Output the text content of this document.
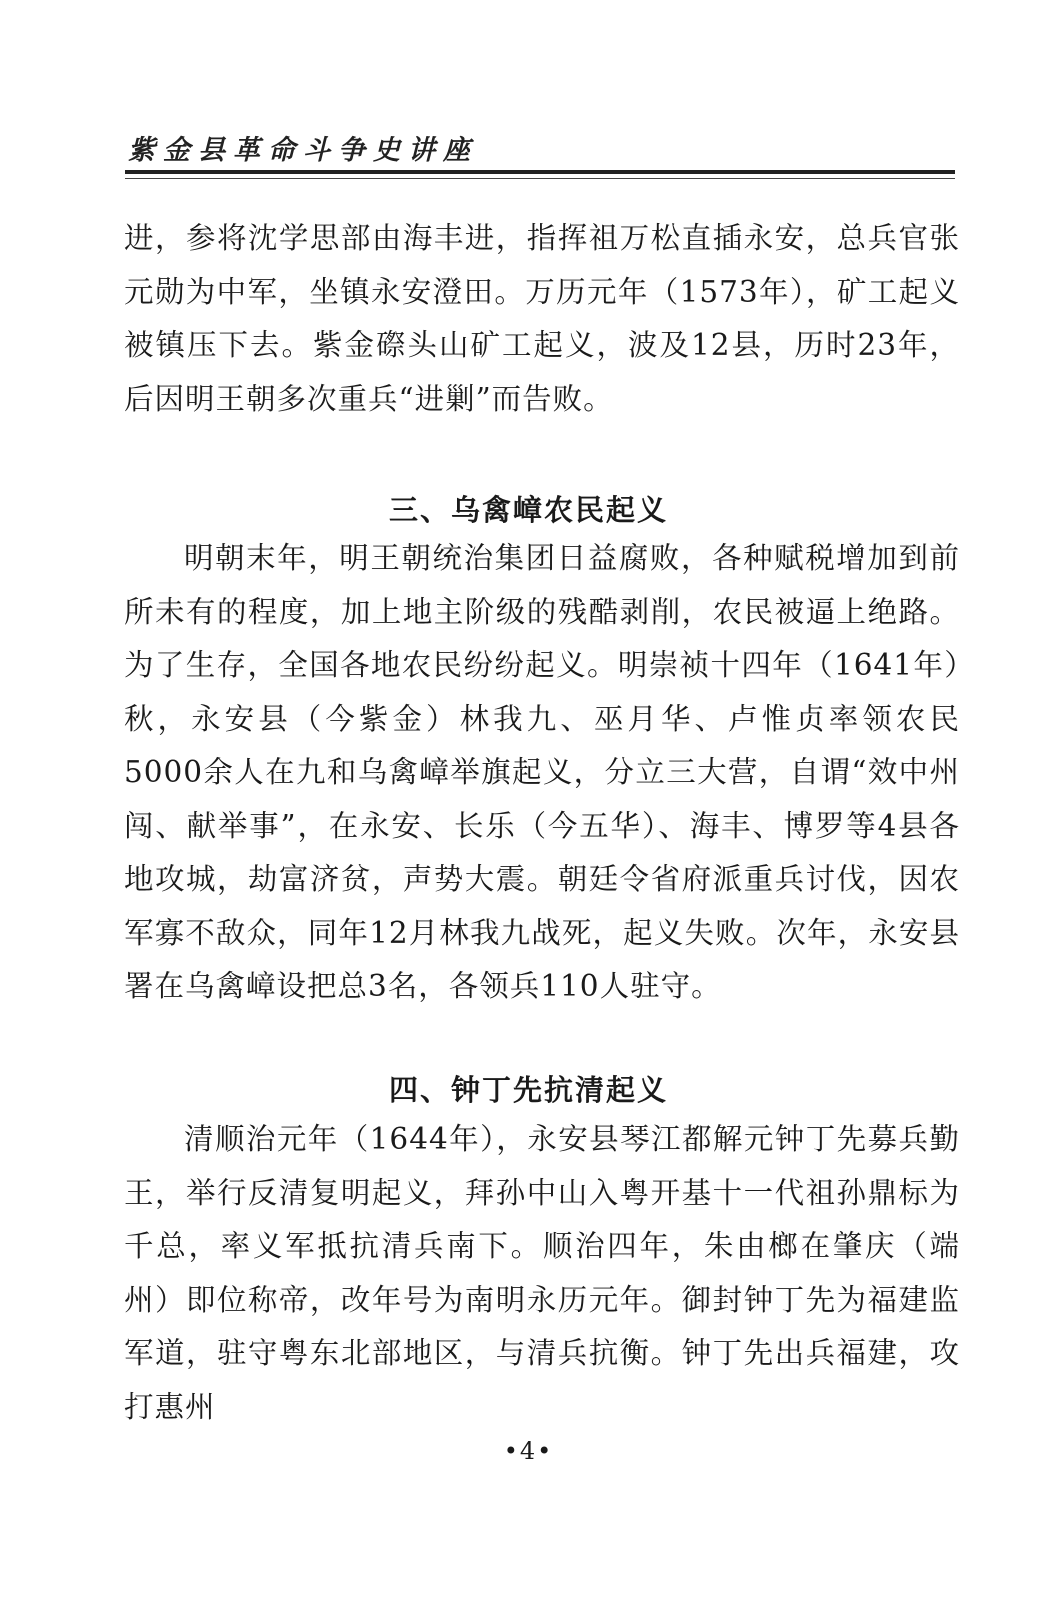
紫金县革命斗争史讲座

进，参将沈学思部由海丰进，指挥祖万松直插永安，总兵官张元勋为中军，坐镇永安澄田。万历元年（1573年），矿工起义被镇压下去。紫金磜头山矿工起义，波及12县，历时23年，后因明王朝多次重兵“进剿”而告败。

三、乌禽嶂农民起义

明朝末年，明王朝统治集团日益腐败，各种赋税增加到前所未有的程度，加上地主阶级的残酷剥削，农民被逼上绝路。为了生存，全国各地农民纷纷起义。明崇祯十四年（1641年）秋，永安县（今紫金）林我九、巫月华、卢惟贞率领农民5000余人在九和乌禽嶂举旗起义，分立三大营，自谓“效中州闯、献举事”，在永安、长乐（今五华）、海丰、博罗等4县各地攻城，劫富济贫，声势大震。朝廷令省府派重兵讨伐，因农军寡不敌众，同年12月林我九战死，起义失败。次年，永安县署在乌禽嶂设把总3名，各领兵110人驻守。

四、钟丁先抗清起义

清顺治元年（1644年），永安县琴江都解元钟丁先募兵勤王，举行反清复明起义，拜孙中山入粤开基十一代祖孙鼎标为千总，率义军抵抗清兵南下。顺治四年，朱由榔在肇庆（端州）即位称帝，改年号为南明永历元年。御封钟丁先为福建监军道，驻守粤东北部地区，与清兵抗衡。钟丁先出兵福建，攻打惠州

•4•
